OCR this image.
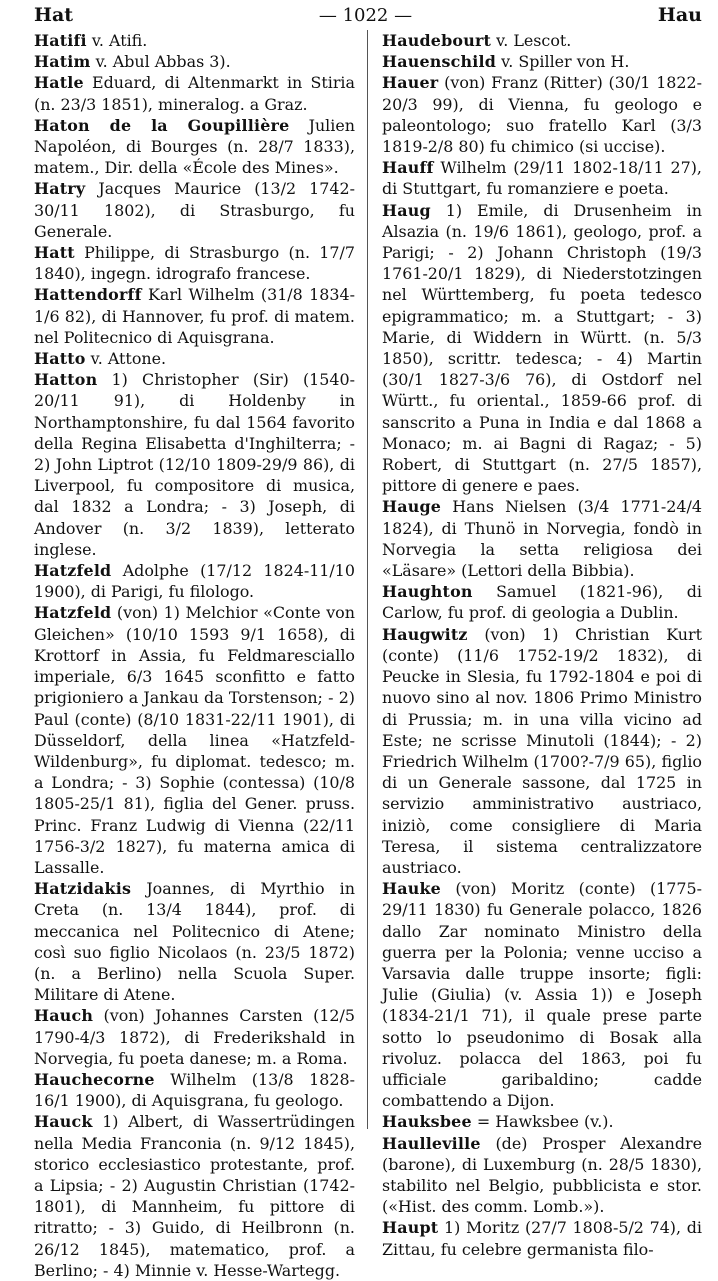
Hat	— 1022 —	Hau

Hatifi v. Atifi.

Hatim v. Abul Abbas 3).

Hatle Eduard, di Altenmarkt in Stiria (n. 23/3 1851), mineralog. a Graz.

Haton de la Goupillière Julien Napoléon, di Bourges (n. 28/7 1833), matem., Dir. della «École des Mines».

Hatry Jacques Maurice (13/2 1742-30/11 1802), di Strasburgo, fu Generale.

Hatt Philippe, di Strasburgo (n. 17/7 1840), ingegn. idrografo francese.

Hattendorff Karl Wilhelm (31/8 1834-1/6 82), di Hannover, fu prof. di matem. nel Politecnico di Aquisgrana.

Hatto v. Attone.

Hatton 1) Christopher (Sir) (1540-20/11 91), di Holdenby in Northamptonshire, fu dal 1564 favorito della Regina Elisabetta d'Inghilterra; - 2) John Liptrot (12/10 1809-29/9 86), di Liverpool, fu compositore di musica, dal 1832 a Londra; - 3) Joseph, di Andover (n. 3/2 1839), letterato inglese.

Hatzfeld Adolphe (17/12 1824-11/10 1900), di Parigi, fu filologo.

Hatzfeld (von) 1) Melchior «Conte von Gleichen» (10/10 1593 9/1 1658), di Krottorf in Assia, fu Feldmaresciallo imperiale, 6/3 1645 sconfitto e fatto prigioniero a Jankau da Torstenson; - 2) Paul (conte) (8/10 1831-22/11 1901), di Düsseldorf, della linea «Hatzfeld-Wildenburg», fu diplomat. tedesco; m. a Londra; - 3) Sophie (contessa) (10/8 1805-25/1 81), figlia del Gener. pruss. Princ. Franz Ludwig di Vienna (22/11 1756-3/2 1827), fu materna amica di Lassalle.

Hatzidakis Joannes, di Myrthio in Creta (n. 13/4 1844), prof. di meccanica nel Politecnico di Atene; così suo figlio Nicolaos (n. 23/5 1872) (n. a Berlino) nella Scuola Super. Militare di Atene.

Hauch (von) Johannes Carsten (12/5 1790-4/3 1872), di Frederikshald in Norvegia, fu poeta danese; m. a Roma.

Hauchecorne Wilhelm (13/8 1828-16/1 1900), di Aquisgrana, fu geologo.

Hauck 1) Albert, di Wassertrüdingen nella Media Franconia (n. 9/12 1845), storico ecclesiastico protestante, prof. a Lipsia; - 2) Augustin Christian (1742-1801), di Mannheim, fu pittore di ritratto; - 3) Guido, di Heilbronn (n. 26/12 1845), matematico, prof. a Berlino; - 4) Minnie v. Hesse-Wartegg.

Haudebourt v. Lescot.

Hauenschild v. Spiller von H.

Hauer (von) Franz (Ritter) (30/1 1822-20/3 99), di Vienna, fu geologo e paleontologo; suo fratello Karl (3/3 1819-2/8 80) fu chimico (si uccise).

Hauff Wilhelm (29/11 1802-18/11 27), di Stuttgart, fu romanziere e poeta.

Haug 1) Emile, di Drusenheim in Alsazia (n. 19/6 1861), geologo, prof. a Parigi; - 2) Johann Christoph (19/3 1761-20/1 1829), di Niederstotzingen nel Württemberg, fu poeta tedesco epigrammatico; m. a Stuttgart; - 3) Marie, di Widdern in Württ. (n. 5/3 1850), scrittr. tedesca; - 4) Martin (30/1 1827-3/6 76), di Ostdorf nel Württ., fu oriental., 1859-66 prof. di sanscrito a Puna in India e dal 1868 a Monaco; m. ai Bagni di Ragaz; - 5) Robert, di Stuttgart (n. 27/5 1857), pittore di genere e paes.

Hauge Hans Nielsen (3/4 1771-24/4 1824), di Thunö in Norvegia, fondò in Norvegia la setta religiosa dei «Läsare» (Lettori della Bibbia).

Haughton Samuel (1821-96), di Carlow, fu prof. di geologia a Dublin.

Haugwitz (von) 1) Christian Kurt (conte) (11/6 1752-19/2 1832), di Peucke in Slesia, fu 1792-1804 e poi di nuovo sino al nov. 1806 Primo Ministro di Prussia; m. in una villa vicino ad Este; ne scrisse Minutoli (1844); - 2) Friedrich Wilhelm (1700?-7/9 65), figlio di un Generale sassone, dal 1725 in servizio amministrativo austriaco, iniziò, come consigliere di Maria Teresa, il sistema centralizzatore austriaco.

Hauke (von) Moritz (conte) (1775-29/11 1830) fu Generale polacco, 1826 dallo Zar nominato Ministro della guerra per la Polonia; venne ucciso a Varsavia dalle truppe insorte; figli: Julie (Giulia) (v. Assia 1)) e Joseph (1834-21/1 71), il quale prese parte sotto lo pseudonimo di Bosak alla rivoluz. polacca del 1863, poi fu ufficiale garibaldino; cadde combattendo a Dijon.

Hauksbee = Hawksbee (v.).

Haulleville (de) Prosper Alexandre (barone), di Luxemburg (n. 28/5 1830), stabilito nel Belgio, pubblicista e stor. («Hist. des comm. Lomb.»).

Haupt 1) Moritz (27/7 1808-5/2 74), di Zittau, fu celebre germanista filo-
